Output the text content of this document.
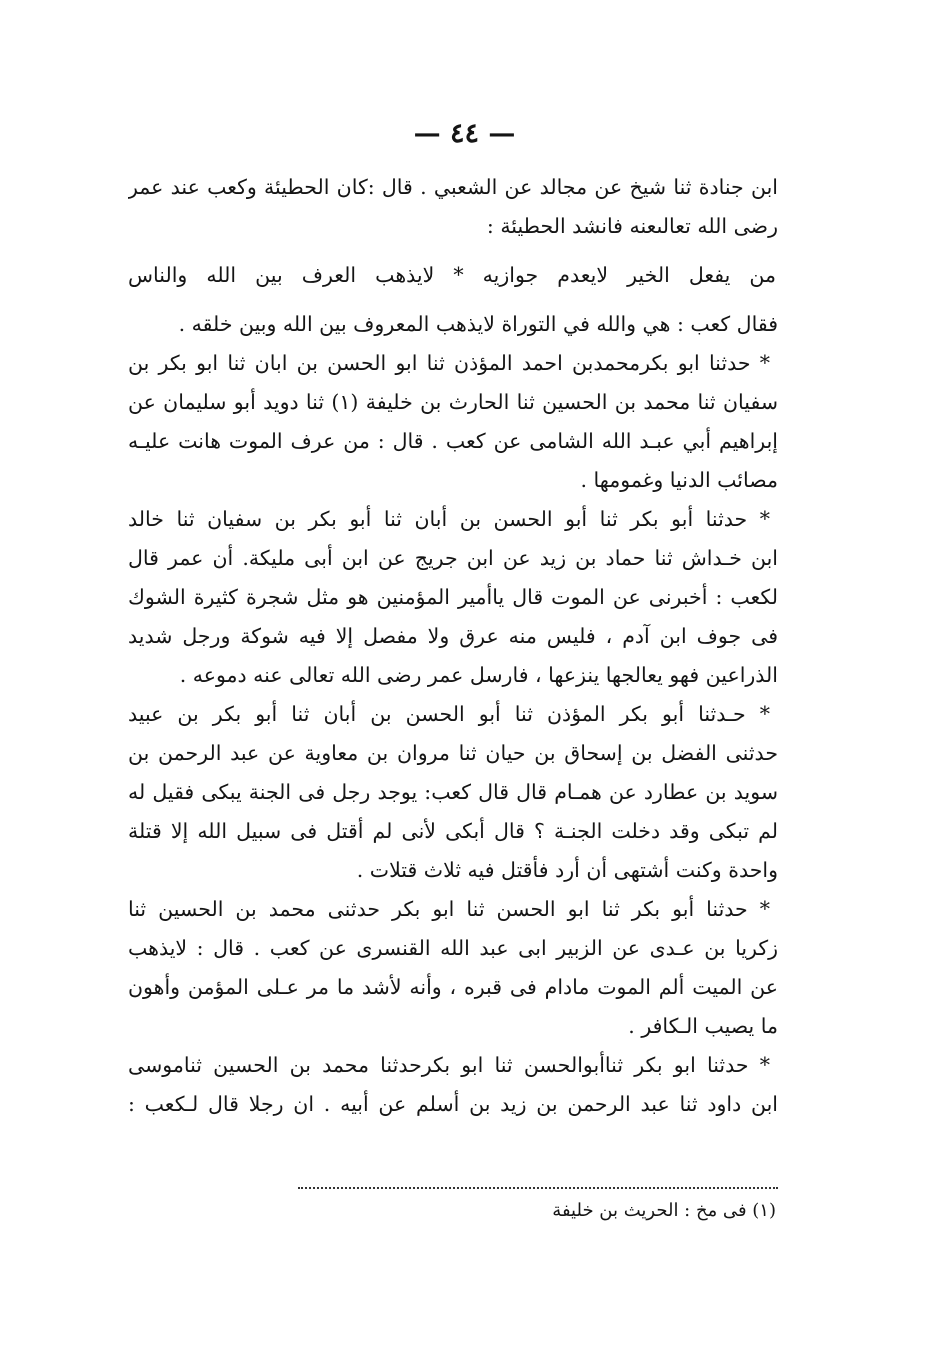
— ٤٤ —
ابن جنادة ثنا شيخ عن مجالد عن الشعبي . قال :كان الحطيئة وكعب عند عمر
رضى الله تعالىعنه فانشد الحطيئة :
من يفعل الخير لايعدم جوازيه * لايذهب العرف بين الله والناس
فقال كعب : هي والله في التوراة لايذهب المعروف بين الله وبين خلقه .
* حدثنا ابو بكرمحمدبن احمد المؤذن ثنا ابو الحسن بن ابان ثنا ابو بكر بن
سفيان ثنا محمد بن الحسين ثنا الحارث بن خليفة (١) ثنا دويد أبو سليمان عن
إبراهيم أبي عبـد الله الشامى عن كعب . قال : من عرف الموت هانت عليـه
مصائب الدنيا وغمومها .
* حدثنا أبو بكر ثنا أبو الحسن بن أبان ثنا أبو بكر بن سفيان ثنا خالد
ابن خـداش ثنا حماد بن زيد عن ابن جريج عن ابن أبى مليكة. أن عمر قال
لكعب : أخبرنى عن الموت قال ياأمير المؤمنين هو مثل شجرة كثيرة الشوك
فى جوف ابن آدم ، فليس منه عرق ولا مفصل إلا فيه شوكة ورجل شديد
الذراعين فهو يعالجها ينزعها ، فارسل عمر رضى الله تعالى عنه دموعه .
* حـدثنا أبو بكر المؤذن ثنا أبو الحسن بن أبان ثنا أبو بكر بن عبيد
حدثنى الفضل بن إسحاق بن حيان ثنا مروان بن معاوية عن عبد الرحمن بن
سويد بن عطارد عن همـام قال قال كعب: يوجد رجل فى الجنة يبكى فقيل له
لم تبكى وقد دخلت الجنـة ؟ قال أبكى لأنى لم أقتل فى سبيل الله إلا قتلة
واحدة وكنت أشتهى أن أرد فأقتل فيه ثلاث قتلات .
* حدثنا أبو بكر ثنا ابو الحسن ثنا ابو بكر حدثنى محمد بن الحسين ثنا
زكريا بن عـدى عن الزبير ابى عبد الله القنسرى عن كعب . قال : لايذهب
عن الميت ألم الموت مادام فى قبره ، وأنه لأشد ما مر عـلى المؤمن وأهون
ما يصيب الـكافر .
* حدثنا ابو بكر ثناأبوالحسن ثنا ابو بكرحدثنا محمد بن الحسين ثناموسى
ابن داود ثنا عبد الرحمن بن زيد بن أسلم عن أبيه . ان رجلا قال لـكعب :
(١) فى مخ : الحريث بن خليفة
